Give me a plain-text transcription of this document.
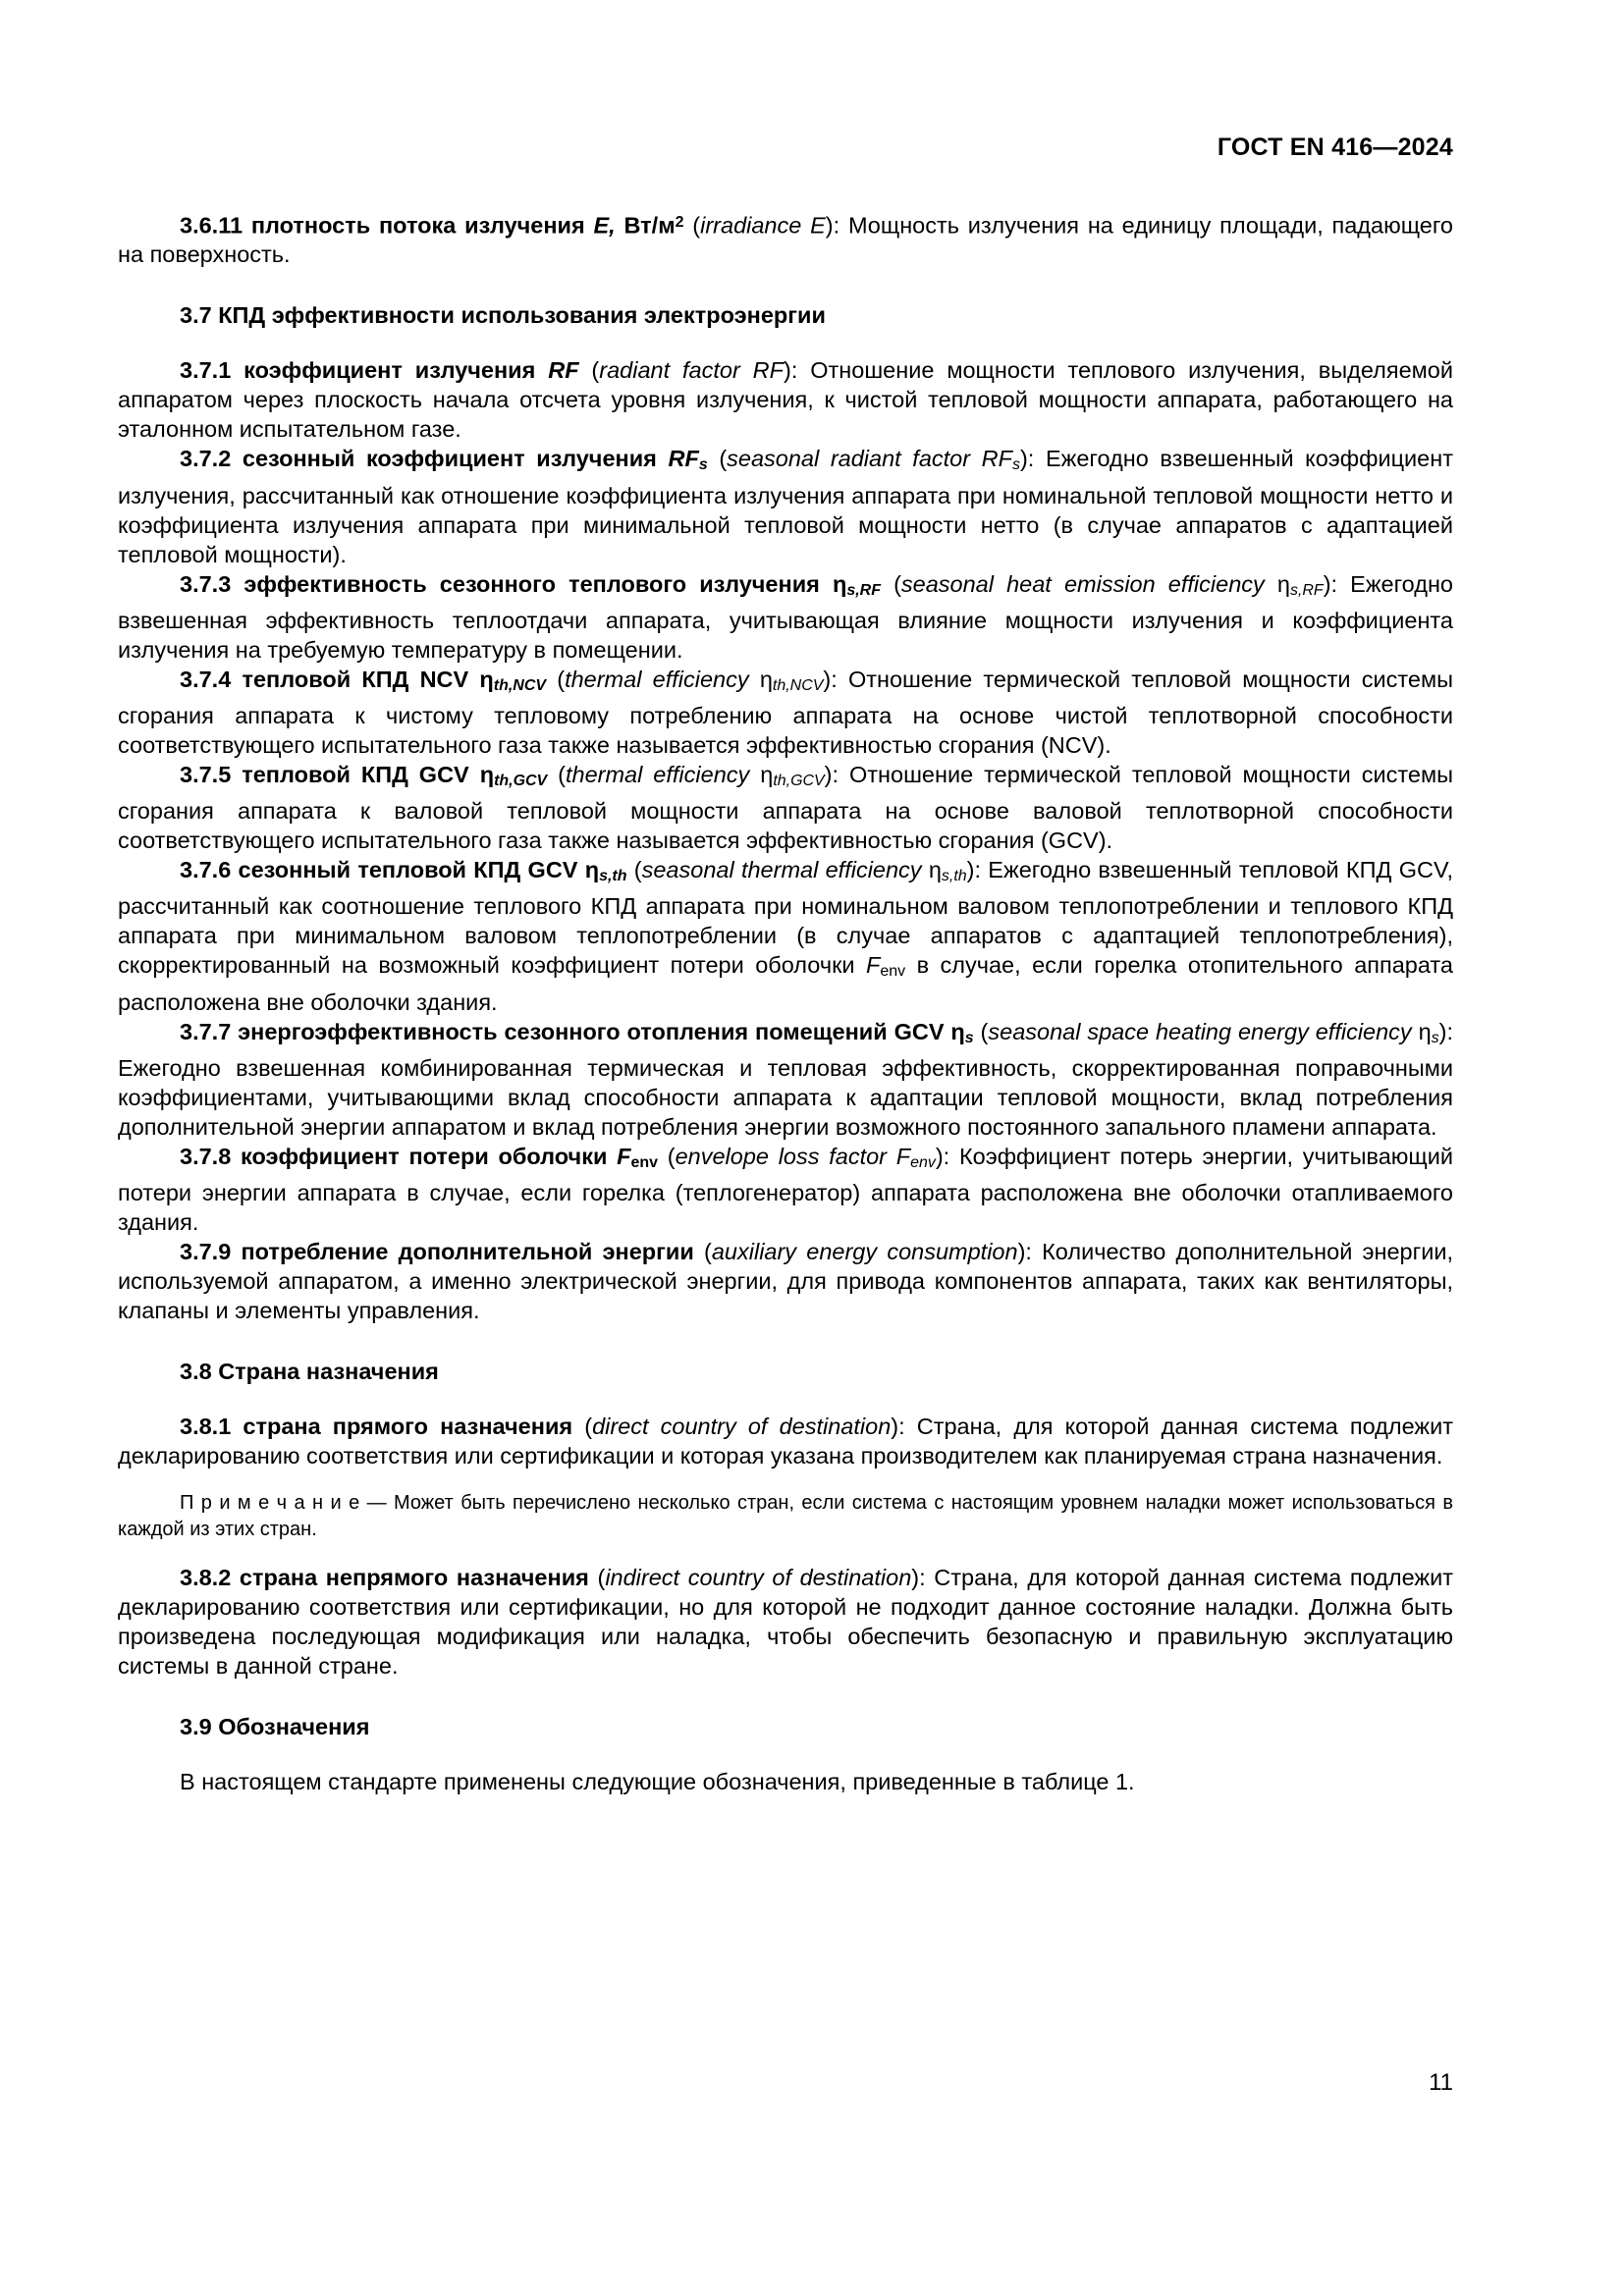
ГОСТ EN 416—2024

3.6.11 плотность потока излучения Е, $Вт/м^2$ (irradiance E): Мощность излучения на единицу площади, падающего на поверхность.

3.7 КПД эффективности использования электроэнергии

3.7.1 коэффициент излучения RF (radiant factor RF): Отношение мощности теплового излучения, выделяемой аппаратом через плоскость начала отсчета уровня излучения, к чистой тепловой мощности аппарата, работающего на эталонном испытательном газе.

3.7.2 сезонный коэффициент излучения $RF_s$ (seasonal radiant factor $RF_s$): Ежегодно взвешенный коэффициент излучения, рассчитанный как отношение коэффициента излучения аппарата при номинальной тепловой мощности нетто и коэффициента излучения аппарата при минимальной тепловой мощности нетто (в случае аппаратов с адаптацией тепловой мощности).

3.7.3 эффективность сезонного теплового излучения $\eta_{s,RF}$ (seasonal heat emission efficiency $\eta_{s,RF}$): Ежегодно взвешенная эффективность теплоотдачи аппарата, учитывающая влияние мощности излучения и коэффициента излучения на требуемую температуру в помещении.

3.7.4 тепловой КПД NCV $\eta_{th,NCV}$ (thermal efficiency $\eta_{th,NCV}$): Отношение термической тепловой мощности системы сгорания аппарата к чистому тепловому потреблению аппарата на основе чистой теплотворной способности соответствующего испытательного газа также называется эффективностью сгорания (NCV).

3.7.5 тепловой КПД GCV $\eta_{th,GCV}$ (thermal efficiency $\eta_{th,GCV}$): Отношение термической тепловой мощности системы сгорания аппарата к валовой тепловой мощности аппарата на основе валовой теплотворной способности соответствующего испытательного газа также называется эффективностью сгорания (GCV).

3.7.6 сезонный тепловой КПД GCV $\eta_{s,th}$ (seasonal thermal efficiency $\eta_{s,th}$): Ежегодно взвешенный тепловой КПД GCV, рассчитанный как соотношение теплового КПД аппарата при номинальном валовом теплопотреблении и теплового КПД аппарата при минимальном валовом теплопотреблении (в случае аппаратов с адаптацией теплопотребления), скорректированный на возможный коэффициент потери оболочки $F_{env}$ в случае, если горелка отопительного аппарата расположена вне оболочки здания.

3.7.7 энергоэффективность сезонного отопления помещений GCV $\eta_s$ (seasonal space heating energy efficiency $\eta_s$): Ежегодно взвешенная комбинированная термическая и тепловая эффективность, скорректированная поправочными коэффициентами, учитывающими вклад способности аппарата к адаптации тепловой мощности, вклад потребления дополнительной энергии аппаратом и вклад потребления энергии возможного постоянного запального пламени аппарата.

3.7.8 коэффициент потери оболочки $F_{env}$ (envelope loss factor $F_{env}$): Коэффициент потерь энергии, учитывающий потери энергии аппарата в случае, если горелка (теплогенератор) аппарата расположена вне оболочки отапливаемого здания.

3.7.9 потребление дополнительной энергии (auxiliary energy consumption): Количество дополнительной энергии, используемой аппаратом, а именно электрической энергии, для привода компонентов аппарата, таких как вентиляторы, клапаны и элементы управления.

3.8 Страна назначения

3.8.1 страна прямого назначения (direct country of destination): Страна, для которой данная система подлежит декларированию соответствия или сертификации и которая указана производителем как планируемая страна назначения.

П р и м е ч а н и е — Может быть перечислено несколько стран, если система с настоящим уровнем наладки может использоваться в каждой из этих стран.

3.8.2 страна непрямого назначения (indirect country of destination): Страна, для которой данная система подлежит декларированию соответствия или сертификации, но для которой не подходит данное состояние наладки. Должна быть произведена последующая модификация или наладка, чтобы обеспечить безопасную и правильную эксплуатацию системы в данной стране.

3.9 Обозначения

В настоящем стандарте применены следующие обозначения, приведенные в таблице 1.

11
